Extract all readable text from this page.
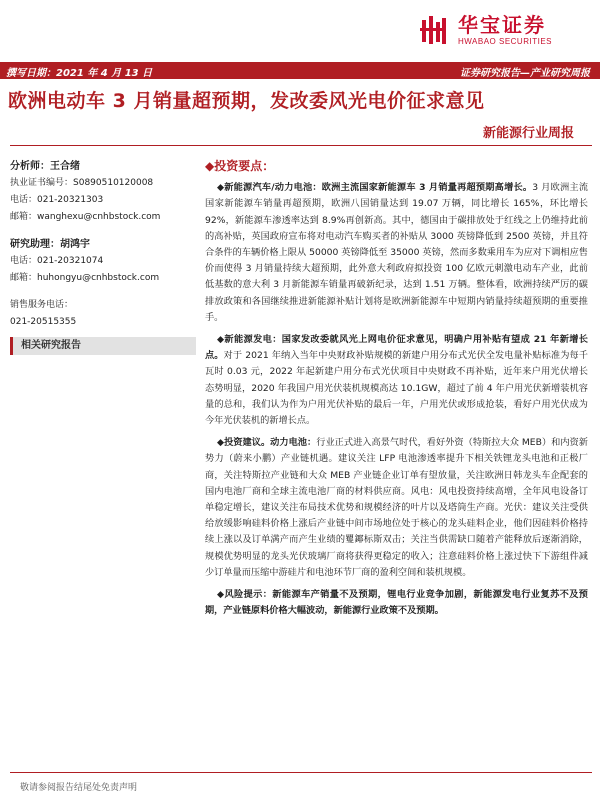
华宝证券
HWABAO SECURITIES
撰写日期：2021 年 4 月 13 日	证券研究报告—产业研究周报
欧洲电动车 3 月销量超预期，发改委风光电价征求意见
新能源行业周报
分析师：王合绪
执业证书编号：S0890510120008
电话：021-20321303
邮箱：wanghexu@cnhbstock.com
研究助理：胡鸿宇
电话：021-20321074
邮箱：huhongyu@cnhbstock.com
销售服务电话：
021-20515355
相关研究报告
◆投资要点：
◆新能源汽车/动力电池：欧洲主流国家新能源车 3 月销量再超预期高增长。3 月欧洲主流国家新能源车销量再超预期，欧洲八国销量达到 19.07 万辆，同比增长 165%，环比增长 92%，新能源车渗透率达到 8.9%再创新高。其中，德国由于碳排放处于红线之上仍维持此前的高补贴，英国政府宣布将对电动汽车购买者的补贴从 3000 英镑降低到 2500 英镑，并且符合条件的车辆价格上限从 50000 英镑降低至 35000 英镑，然而多数乘用车为应对下调相应售价而使得 3 月销量持续大超预期，此外意大利政府拟投资 100 亿欧元刺激电动车产业，此前低基数的意大利 3 月新能源车销量再破新纪录，达到 1.51 万辆。整体看，欧洲持续严厉的碳排放政策和各国继续推进新能源补贴计划将是欧洲新能源车中短期内销量持续超预期的重要推手。
◆新能源发电：国家发改委就风光上网电价征求意见，明确户用补贴有望成 21 年新增长点。对于 2021 年纳入当年中央财政补贴规模的新建户用分布式光伏全发电量补贴标准为每千瓦时 0.03 元，2022 年起新建户用分布式光伏项目中央财政不再补贴，近年来户用光伏增长态势明显，2020 年我国户用光伏装机规模高达 10.1GW，超过了前 4 年户用光伏新增装机容量的总和，我们认为作为户用光伏补贴的最后一年，户用光伏或形成抢装，看好户用光伏成为今年光伏装机的新增长点。
◆投资建议。动力电池：行业正式进入高景气时代，看好外资（特斯拉大众 MEB）和内资新势力（蔚来小鹏）产业链机遇。建议关注 LFP 电池渗透率提升下相关铁锂龙头电池和正极厂商，关注特斯拉产业链和大众 MEB 产业链企业订单有望放量，关注欧洲日韩龙头车企配套的国内电池厂商和全球主流电池厂商的材料供应商。风电：风电投资持续高增，全年风电设备订单稳定增长，建议关注布局技术优势和规模经济的叶片以及塔筒生产商。光伏：建议关注受供给放缓影响硅料价格上涨后产业链中间市场地位处于核心的龙头硅料企业，他们因硅料价格持续上涨以及订单满产而产生业绩的矍鎁标斯双击；关注当供需缺口随着产能释放后逐渐消除，规模优势明显的龙头光伏玻璃厂商将获得更稳定的收入；注意硅料价格上涨过快下下游组件减少订单量而压缩中游硅片和电池环节厂商的盈利空间和装机规模。
◆风险提示：新能源车产销量不及预期，锂电行业竞争加剧，新能源发电行业复苏不及预期，产业链原料价格大幅波动，新能源行业政策不及预期。
敬请参阅报告结尾处免责声明
